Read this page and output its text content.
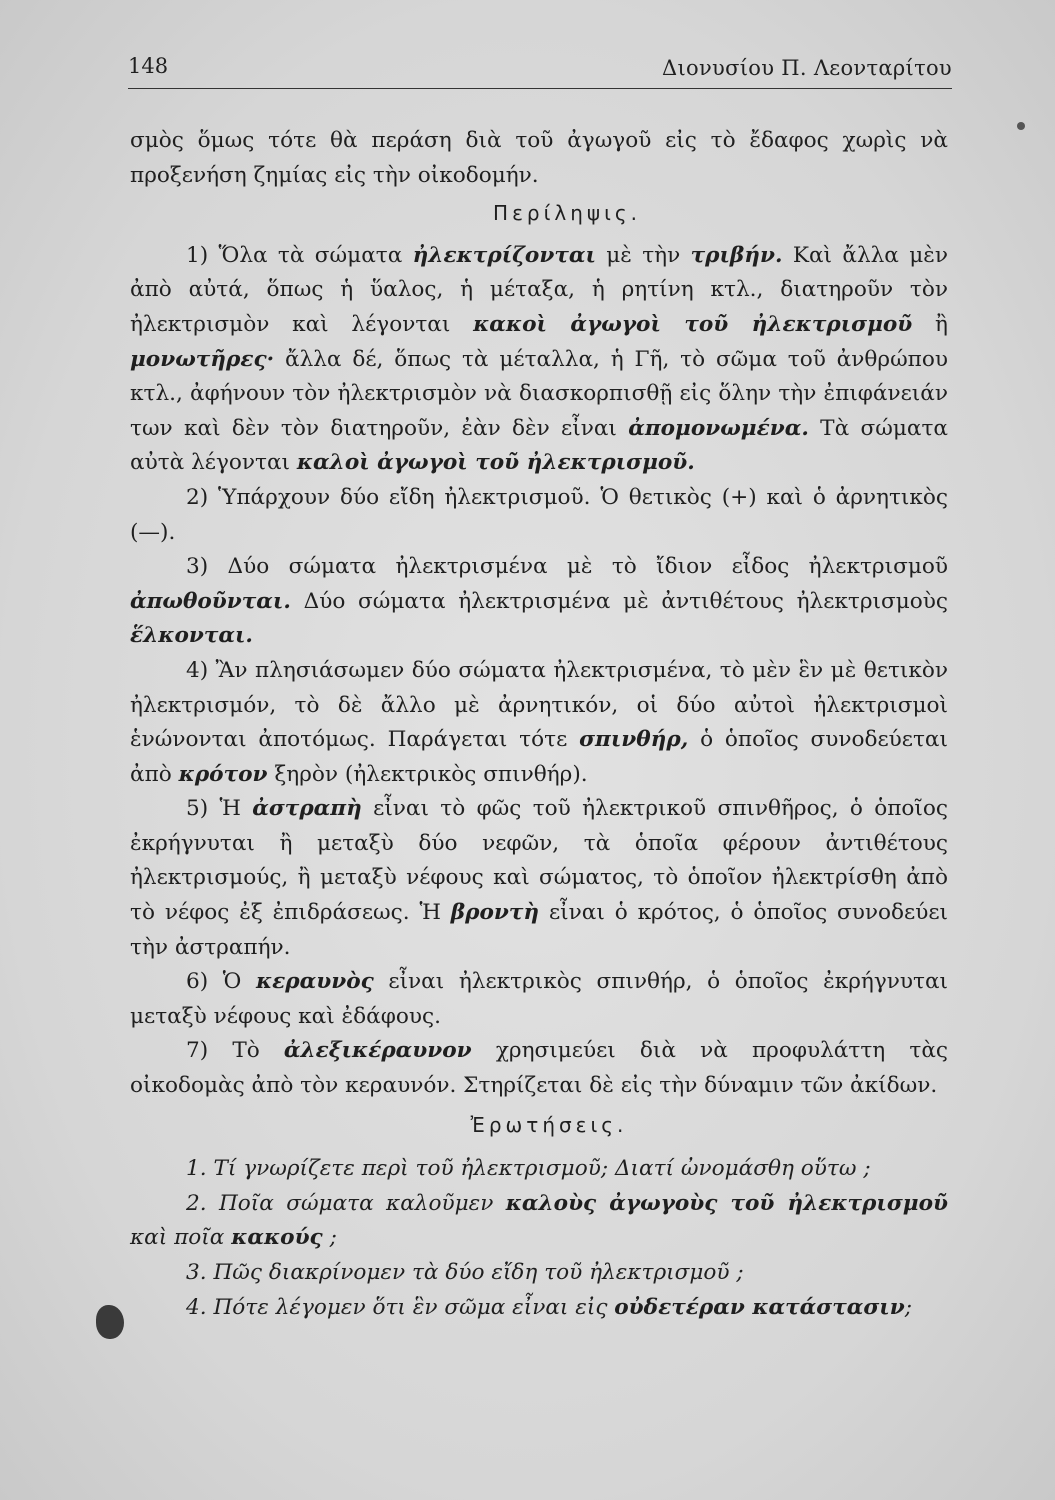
148	Διονυσίου Π. Λεονταρίτου

σμὸς ὅμως τότε θὰ περάση διὰ τοῦ ἀγωγοῦ εἰς τὸ ἔδαφος χωρὶς νὰ προξενήση ζημίας εἰς τὴν οἰκοδομήν.

Περίληψις.

1) Ὅλα τὰ σώματα ἠλεκτρίζονται μὲ τὴν τριβήν. Καὶ ἄλλα μὲν ἀπὸ αὐτά, ὅπως ἡ ὕαλος, ἡ μέταξα, ἡ ρητίνη κτλ., διατηροῦν τὸν ἠλεκτρισμὸν καὶ λέγονται κακοὶ ἀγωγοὶ τοῦ ἠλεκτρισμοῦ ἢ μονωτῆρες· ἄλλα δέ, ὅπως τὰ μέταλλα, ἡ Γῆ, τὸ σῶμα τοῦ ἀνθρώπου κτλ., ἀφήνουν τὸν ἠλεκτρισμὸν νὰ διασκορπισθῇ εἰς ὅλην τὴν ἐπιφάνειάν των καὶ δὲν τὸν διατηροῦν, ἐὰν δὲν εἶναι ἀπομονωμένα. Τὰ σώματα αὐτὰ λέγονται καλοὶ ἀγωγοὶ τοῦ ἠλεκτρισμοῦ.

2) Ὑπάρχουν δύο εἴδη ἠλεκτρισμοῦ. Ὁ θετικὸς (+) καὶ ὁ ἀρνητικὸς (—).

3) Δύο σώματα ἠλεκτρισμένα μὲ τὸ ἴδιον εἶδος ἠλεκτρισμοῦ ἀπωθοῦνται. Δύο σώματα ἠλεκτρισμένα μὲ ἀντιθέτους ἠλεκτρισμοὺς ἕλκονται.

4) Ἂν πλησιάσωμεν δύο σώματα ἠλεκτρισμένα, τὸ μὲν ἓν μὲ θετικὸν ἠλεκτρισμόν, τὸ δὲ ἄλλο μὲ ἀρνητικόν, οἱ δύο αὐτοὶ ἠλεκτρισμοὶ ἑνώνονται ἀποτόμως. Παράγεται τότε σπινθήρ, ὁ ὁποῖος συνοδεύεται ἀπὸ κρότον ξηρὸν (ἠλεκτρικὸς σπινθήρ).

5) Ἡ ἀστραπὴ εἶναι τὸ φῶς τοῦ ἠλεκτρικοῦ σπινθῆρος, ὁ ὁποῖος ἐκρήγνυται ἢ μεταξὺ δύο νεφῶν, τὰ ὁποῖα φέρουν ἀντιθέτους ἠλεκτρισμούς, ἢ μεταξὺ νέφους καὶ σώματος, τὸ ὁποῖον ἠλεκτρίσθη ἀπὸ τὸ νέφος ἐξ ἐπιδράσεως. Ἡ βροντὴ εἶναι ὁ κρότος, ὁ ὁποῖος συνοδεύει τὴν ἀστραπήν.

6) Ὁ κεραυνὸς εἶναι ἠλεκτρικὸς σπινθήρ, ὁ ὁποῖος ἐκρήγνυται μεταξὺ νέφους καὶ ἐδάφους.

7) Τὸ ἀλεξικέραυνον χρησιμεύει διὰ νὰ προφυλάττη τὰς οἰκοδομὰς ἀπὸ τὸν κεραυνόν. Στηρίζεται δὲ εἰς τὴν δύναμιν τῶν ἀκίδων.

Ἐρωτήσεις.

1. Τί γνωρίζετε περὶ τοῦ ἠλεκτρισμοῦ; Διατί ὠνομάσθη οὕτω ;

2. Ποῖα σώματα καλοῦμεν καλοὺς ἀγωγοὺς τοῦ ἠλεκτρισμοῦ καὶ ποῖα κακούς ;

3. Πῶς διακρίνομεν τὰ δύο εἴδη τοῦ ἠλεκτρισμοῦ ;

4. Πότε λέγομεν ὅτι ἓν σῶμα εἶναι εἰς οὐδετέραν κατάστασιν;
